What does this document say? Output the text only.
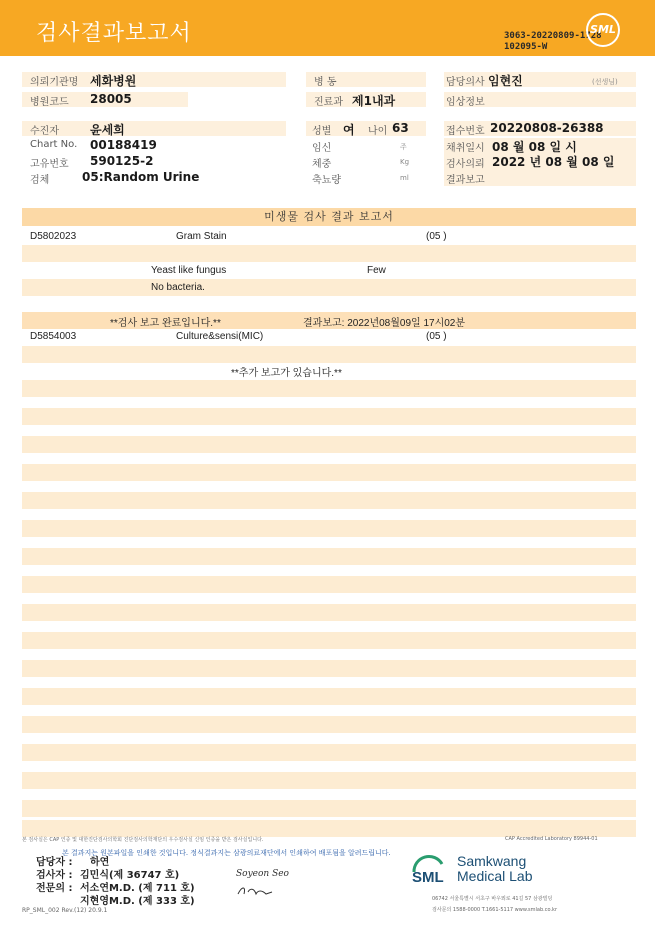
검사결과보고서	3063-20220809-1728
102095-W
SML
의뢰기관명 세화병원	병 동	담당의사 임현진	(선생님)
병원코드 28005	진료과 제1내과	임상정보
수진자	윤세희	성별 여 나이 63	접수번호 20220808-26388
Chart No. 00188419	임신	주	채취일시 08 월 08 일 시
고유번호 590125-2	체중	Kg	검사의뢰 2022 년 08 월 08 일
검체	05:Random Urine	축뇨량	ml	결과보고
미생물 검사 결과 보고서
D5802023	Gram Stain	(05 )
Yeast like fungus	Few
No bacteria.
**검사 보고 완료입니다.**	결과보고: 2022년08월09일 17시02분
D5854003	Culture&sensi(MIC)	(05 )
**추가 보고가 있습니다.**
본 검사실은 CAP 인증 및 대한진단검사의학회 진단검사의학재단의 우수검사실 신임 인증을 받은 검사실입니다.	CAP Accredited Laboratory 89944-01
본 결과지는 원본파일을 인쇄한 것입니다. 정식결과지는 삼광의료재단에서 인쇄하여 배포됨을 알려드립니다.
담당자 : 하연
검사자 : 김민식(제 36747 호)
전문의 : 서소연M.D. (제 711 호)
지현영M.D. (제 333 호)
Soyeon Seo	SML
Samkwang
Medical Lab
06742 서울특별시 서초구 바우뫼로 41길 57 삼광빌딩
검사문의 1588-0000 T.1661-5117 www.smlab.co.kr
RP_SML_002 Rev.(12) 20.9.1
